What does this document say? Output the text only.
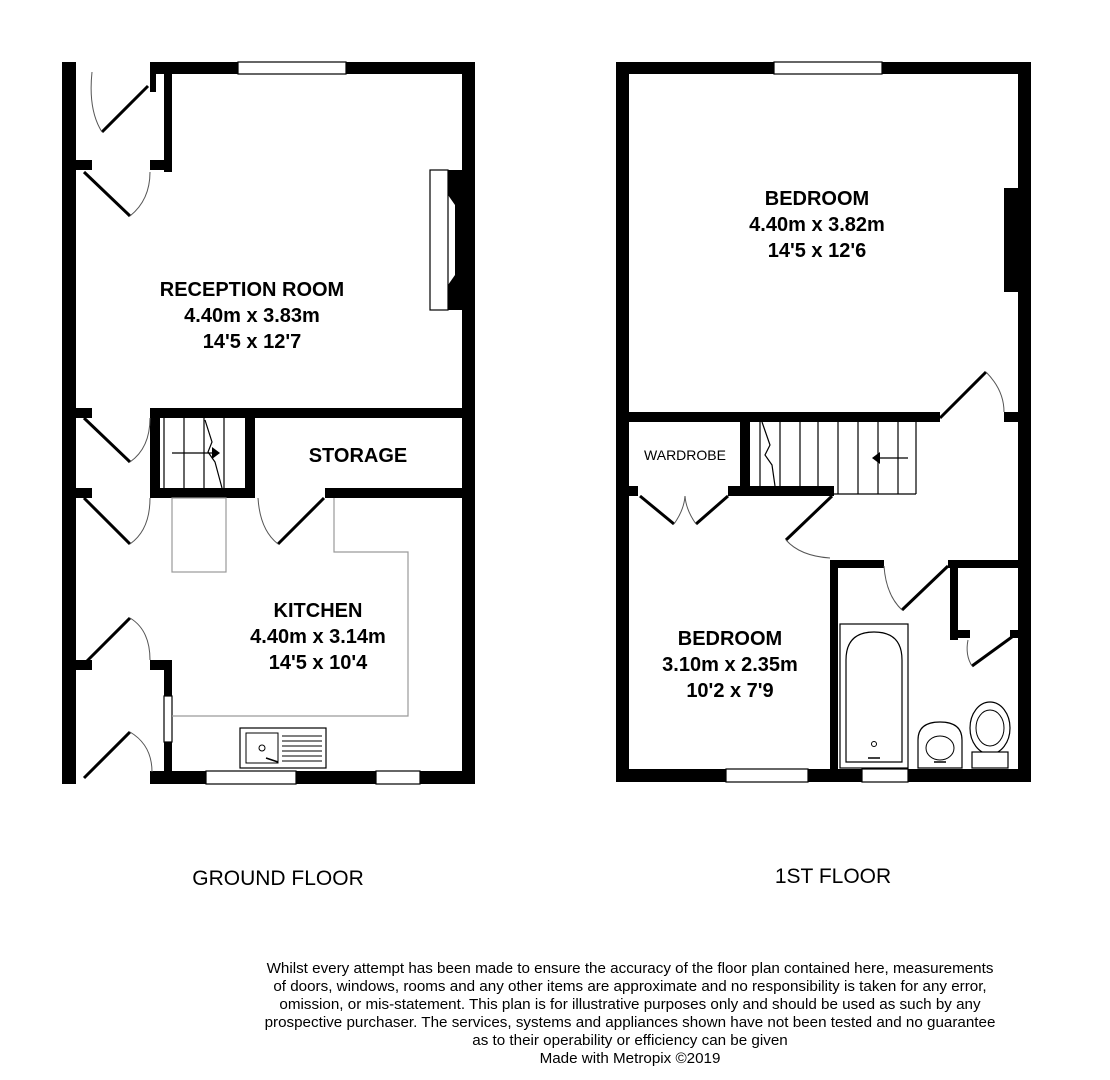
RECEPTION ROOM
4.40m x 3.83m
14'5 x 12'7
STORAGE
KITCHEN
4.40m x 3.14m
14'5 x 10'4
GROUND FLOOR
BEDROOM
4.40m x 3.82m
14'5 x 12'6
WARDROBE
BEDROOM
3.10m x 2.35m
10'2 x 7'9
1ST FLOOR
Whilst every attempt has been made to ensure the accuracy of the floor plan contained here, measurements
of doors, windows, rooms and any other items are approximate and no responsibility is taken for any error,
omission, or mis-statement. This plan is for illustrative purposes only and should be used as such by any
prospective purchaser. The services, systems and appliances shown have not been tested and no guarantee
as to their operability or efficiency can be given
Made with Metropix ©2019
